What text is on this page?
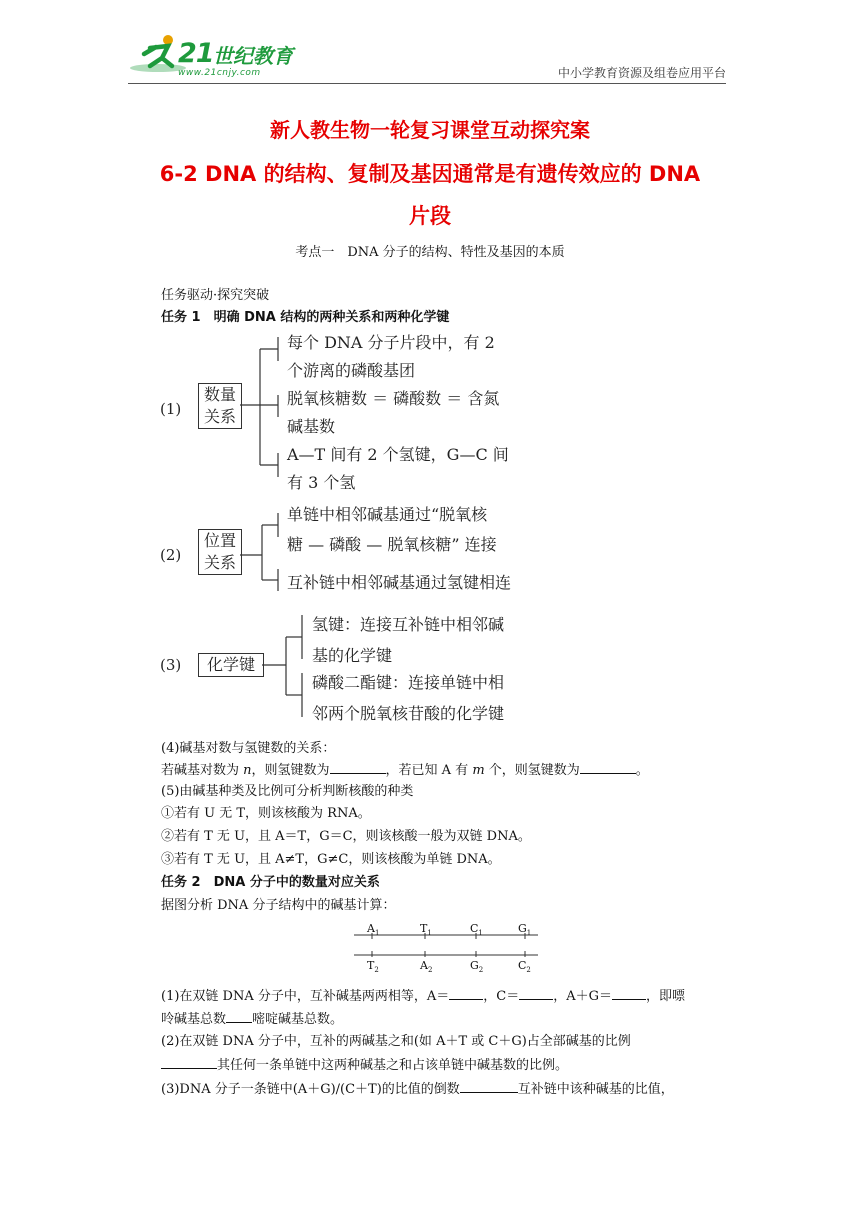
21 世纪教育
www.21cnjy.com	中小学教育资源及组卷应用平台
新人教生物一轮复习课堂互动探究案
6-2 DNA 的结构、复制及基因通常是有遗传效应的 DNA
片段
考点一　DNA 分子的结构、特性及基因的本质
任务驱动·探究突破
任务 1　明确 DNA 结构的两种关系和两种化学键
(1)
数量
关系
每个 DNA 分子片段中，有 2
个游离的磷酸基团
脱氧核糖数 ＝ 磷酸数 ＝ 含氮
碱基数
A—T 间有 2 个氢键，G—C 间
有 3 个氢
(2)
位置
关系
单链中相邻碱基通过“脱氧核
糖 — 磷酸 — 脱氧核糖” 连接
互补链中相邻碱基通过氢键相连
(3)	化学键
氢键：连接互补链中相邻碱
基的化学键
磷酸二酯键：连接单链中相
邻两个脱氧核苷酸的化学键
(4)碱基对数与氢键数的关系：
若碱基对数为 n，则氢键数为	，若已知 A 有 m 个，则氢键数为	。
(5)由碱基种类及比例可分析判断核酸的种类
①若有 U 无 T，则该核酸为 RNA。
②若有 T 无 U，且 A＝T，G＝C，则该核酸一般为双链 DNA。
③若有 T 无 U，且 A≠T，G≠C，则该核酸为单链 DNA。
任务 2　DNA 分子中的数量对应关系
据图分析 DNA 分子结构中的碱基计算：
$A_1$	$T_1$	$C_1$	$G_1$
$T_2$	$A_2$	$G_2$	$C_2$
(1)在双链 DNA 分子中，互补碱基两两相等，A＝	，C＝	，A＋G＝	，即嘌
呤碱基总数 嘧啶碱基总数。
(2)在双链 DNA 分子中，互补的两碱基之和(如 A＋T 或 C＋G)占全部碱基的比例
其任何一条单链中这两种碱基之和占该单链中碱基数的比例。
(3)DNA 分子一条链中(A＋G)/(C＋T)的比值的倒数	互补链中该种碱基的比值，
